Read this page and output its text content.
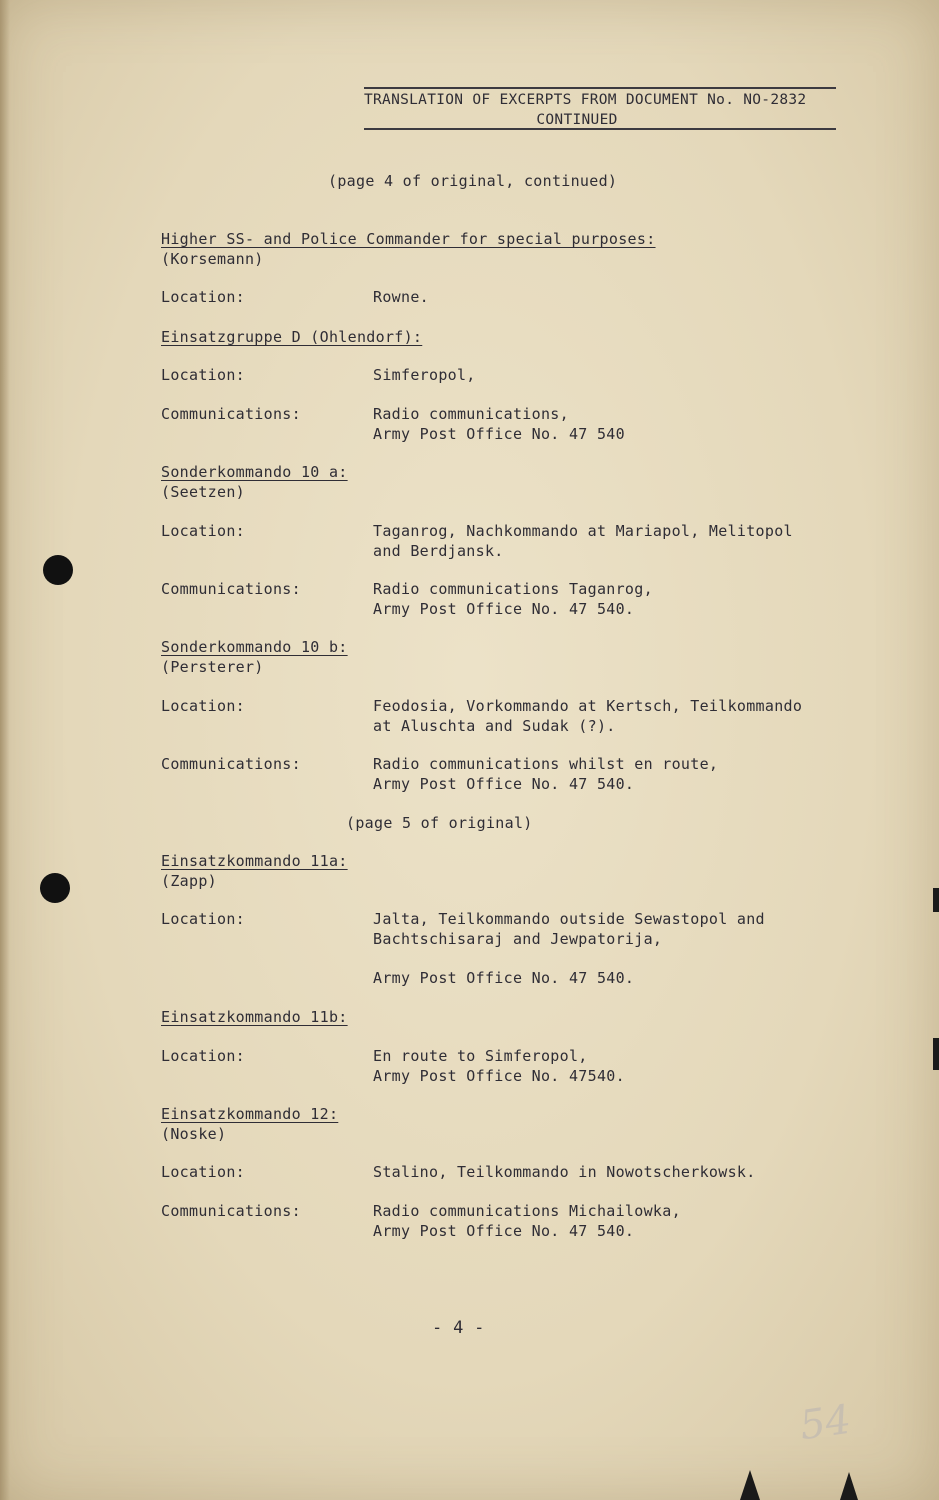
TRANSLATION OF EXCERPTS FROM DOCUMENT No. NO-2832
CONTINUED
(page 4 of original, continued)
Higher SS- and Police Commander for special purposes:
(Korsemann)
Location:	Rowne.
Einsatzgruppe D (Ohlendorf):
Location:	Simferopol,
Communications:	Radio communications,
Army Post Office No. 47 540
Sonderkommando 10 a:
(Seetzen)
Location:	Taganrog, Nachkommando at Mariapol, Melitopol
and Berdjansk.
Communications:	Radio communications Taganrog,
Army Post Office No. 47 540.
Sonderkommando 10 b:
(Persterer)
Location:	Feodosia, Vorkommando at Kertsch, Teilkommando
at Aluschta and Sudak (?).
Communications:	Radio communications whilst en route,
Army Post Office No. 47 540.
(page 5 of original)
Einsatzkommando 11a:
(Zapp)
Location:	Jalta, Teilkommando outside Sewastopol and
Bachtschisaraj and Jewpatorija,
Army Post Office No. 47 540.
Einsatzkommando 11b:
Location:	En route to Simferopol,
Army Post Office No. 47540.
Einsatzkommando 12:
(Noske)
Location:	Stalino, Teilkommando in Nowotscherkowsk.
Communications:	Radio communications Michailowka,
Army Post Office No. 47 540.
- 4 -
54
